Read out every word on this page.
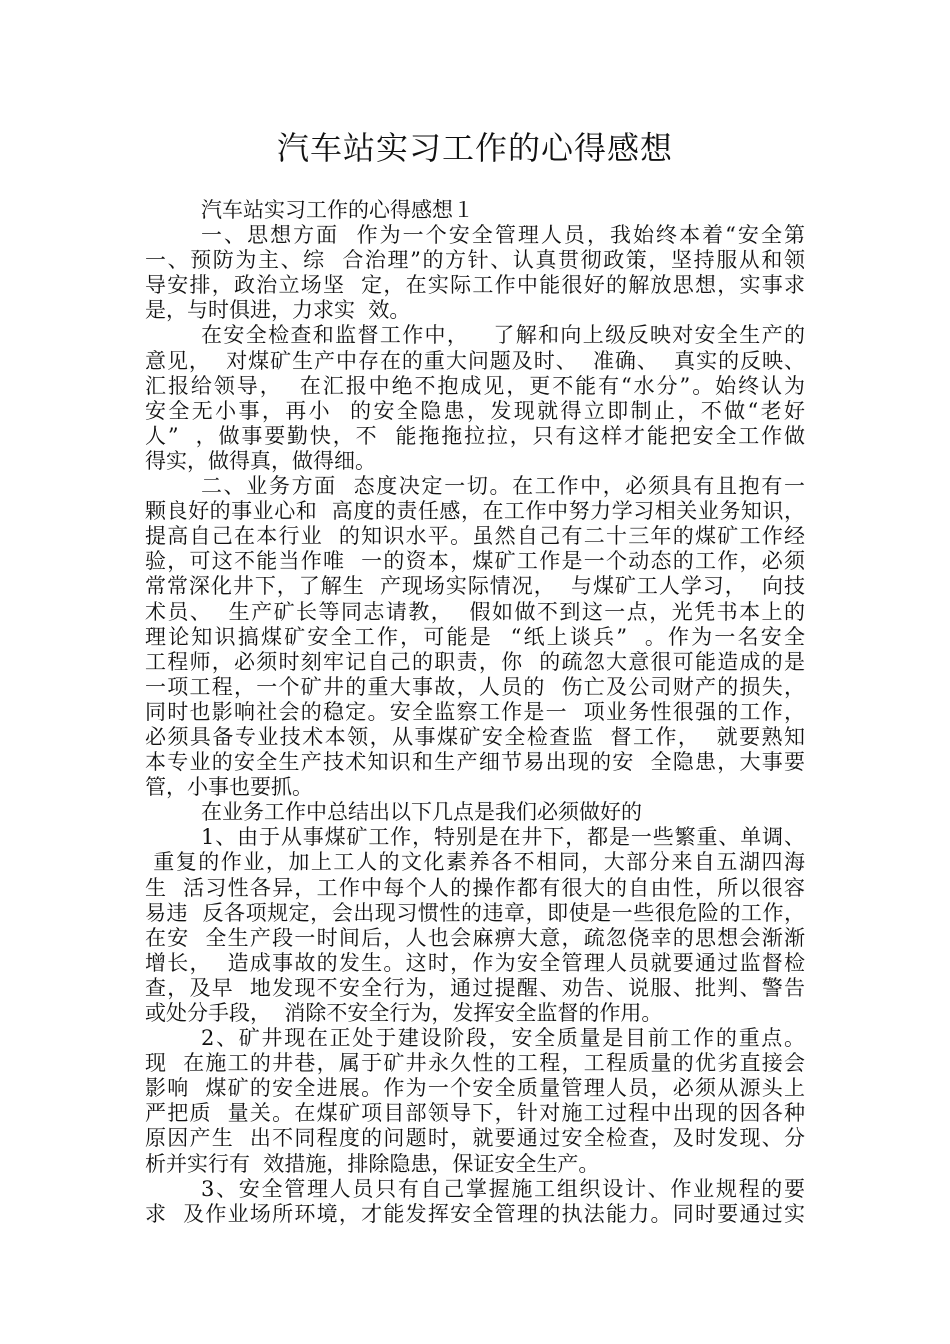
汽车站实习工作的心得感想
汽车站实习工作的心得感想１
一、思想方面  作为一个安全管理人员，我始终本着“安全第
一、预防为主、综  合治理”的方针、认真贯彻政策，坚持服从和领
导安排，政治立场坚  定，在实际工作中能很好的解放思想，实事求
是，与时俱进，力求实  效。
在安全检查和监督工作中，   了解和向上级反映对安全生产的
意见，  对煤矿生产中存在的重大问题及时、  准确、  真实的反映、
汇报给领导，  在汇报中绝不抱成见，更不能有“水分”。始终认为
安全无小事，再小  的安全隐患，发现就得立即制止，不做“老好
人”  ，做事要勤快，不  能拖拖拉拉，只有这样才能把安全工作做
得实，做得真，做得细。
二、业务方面  态度决定一切。在工作中，必须具有且抱有一
颗良好的事业心和  高度的责任感，在工作中努力学习相关业务知识，
提高自己在本行业  的知识水平。虽然自己有二十三年的煤矿工作经
验，可这不能当作唯  一的资本，煤矿工作是一个动态的工作，必须
常常深化井下，了解生  产现场实际情况，  与煤矿工人学习，  向技
术员、  生产矿长等同志请教，  假如做不到这一点，光凭书本上的
理论知识搞煤矿安全工作，可能是  “纸上谈兵”  。作为一名安全
工程师，必须时刻牢记自己的职责，你  的疏忽大意很可能造成的是
一项工程，一个矿井的重大事故，人员的  伤亡及公司财产的损失，
同时也影响社会的稳定。安全监察工作是一  项业务性很强的工作，
必须具备专业技术本领，从事煤矿安全检查监  督工作，  就要熟知
本专业的安全生产技术知识和生产细节易出现的安  全隐患，大事要
管，小事也要抓。
在业务工作中总结出以下几点是我们必须做好的
1、由于从事煤矿工作，特别是在井下，都是一些繁重、单调、
重复的作业，加上工人的文化素养各不相同，大部分来自五湖四海
生  活习性各异，工作中每个人的操作都有很大的自由性，所以很容
易违  反各项规定，会出现习惯性的违章，即使是一些很危险的工作，
在安  全生产段一时间后，人也会麻痹大意，疏忽侥幸的思想会渐渐
增长，  造成事故的发生。这时，作为安全管理人员就要通过监督检
查，及早  地发现不安全行为，通过提醒、劝告、说服、批判、警告
或处分手段，  消除不安全行为，发挥安全监督的作用。
2、矿井现在正处于建设阶段，安全质量是目前工作的重点。
现  在施工的井巷，属于矿井永久性的工程，工程质量的优劣直接会
影响  煤矿的安全进展。作为一个安全质量管理人员，必须从源头上
严把质  量关。在煤矿项目部领导下，针对施工过程中出现的因各种
原因产生  出不同程度的问题时，就要通过安全检查，及时发现、分
析并实行有  效措施，排除隐患，保证安全生产。
3、安全管理人员只有自己掌握施工组织设计、作业规程的要
求  及作业场所环境，才能发挥安全管理的执法能力。同时要通过实
